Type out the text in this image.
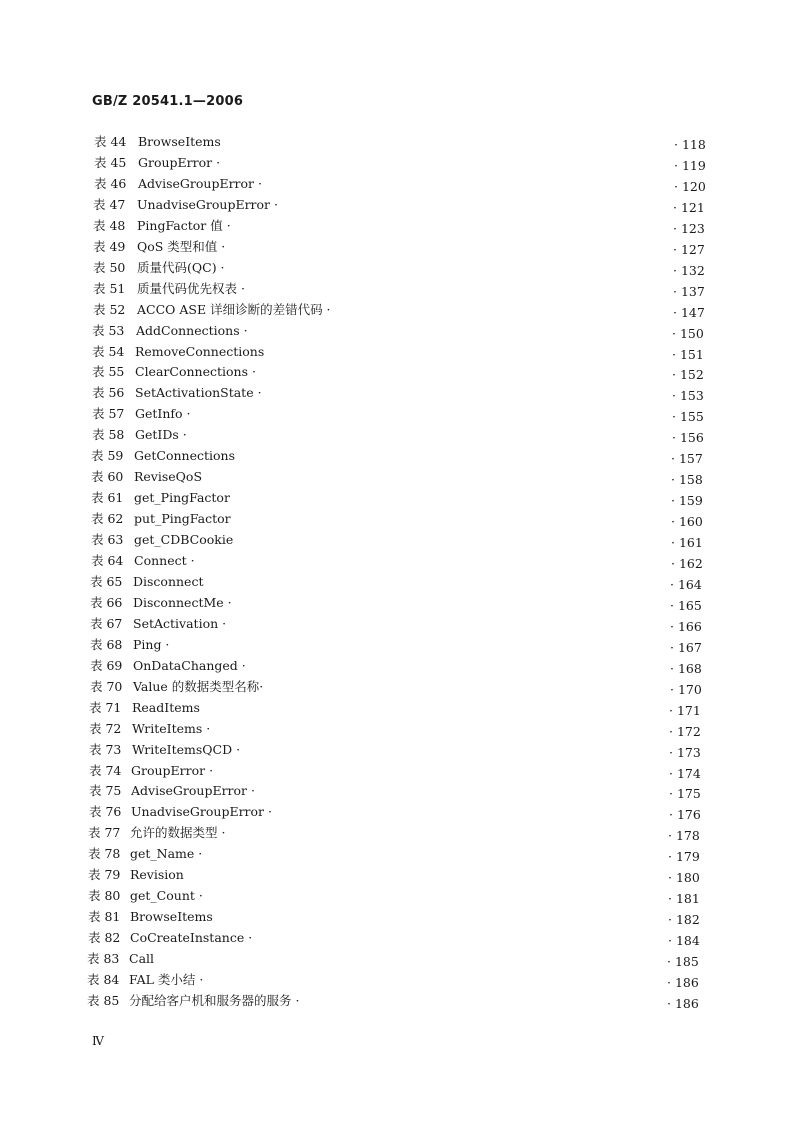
GB/Z 20541.1—2006
表 44 BrowseItems	· 118
表 45 GroupError ·	· 119
表 46 AdviseGroupError ·	· 120
表 47 UnadviseGroupError ·	· 121
表 48 PingFactor 值 ·	· 123
表 49 QoS 类型和值 ·	· 127
表 50 质量代码(QC) ·	· 132
表 51 质量代码优先权表 ·	· 137
表 52 ACCO ASE 详细诊断的差错代码 ·	· 147
表 53 AddConnections ·	· 150
表 54 RemoveConnections	· 151
表 55 ClearConnections ·	· 152
表 56 SetActivationState ·	· 153
表 57 GetInfo ·	· 155
表 58 GetIDs ·	· 156
表 59 GetConnections	· 157
表 60 ReviseQoS	· 158
表 61 get_PingFactor	· 159
表 62 put_PingFactor	· 160
表 63 get_CDBCookie	· 161
表 64 Connect ·	· 162
表 65 Disconnect	· 164
表 66 DisconnectMe ·	· 165
表 67 SetActivation ·	· 166
表 68 Ping ·	· 167
表 69 OnDataChanged ·	· 168
表 70 Value 的数据类型名称·	· 170
表 71 ReadItems	· 171
表 72 WriteItems ·	· 172
表 73 WriteItemsQCD ·	· 173
表 74 GroupError ·	· 174
表 75 AdviseGroupError ·	· 175
表 76 UnadviseGroupError ·	· 176
表 77 允许的数据类型 ·	· 178
表 78 get_Name ·	· 179
表 79 Revision	· 180
表 80 get_Count ·	· 181
表 81 BrowseItems	· 182
表 82 CoCreateInstance ·	· 184
表 83 Call	· 185
表 84 FAL 类小结 ·	· 186
表 85 分配给客户机和服务器的服务 ·	· 186
Ⅳ
